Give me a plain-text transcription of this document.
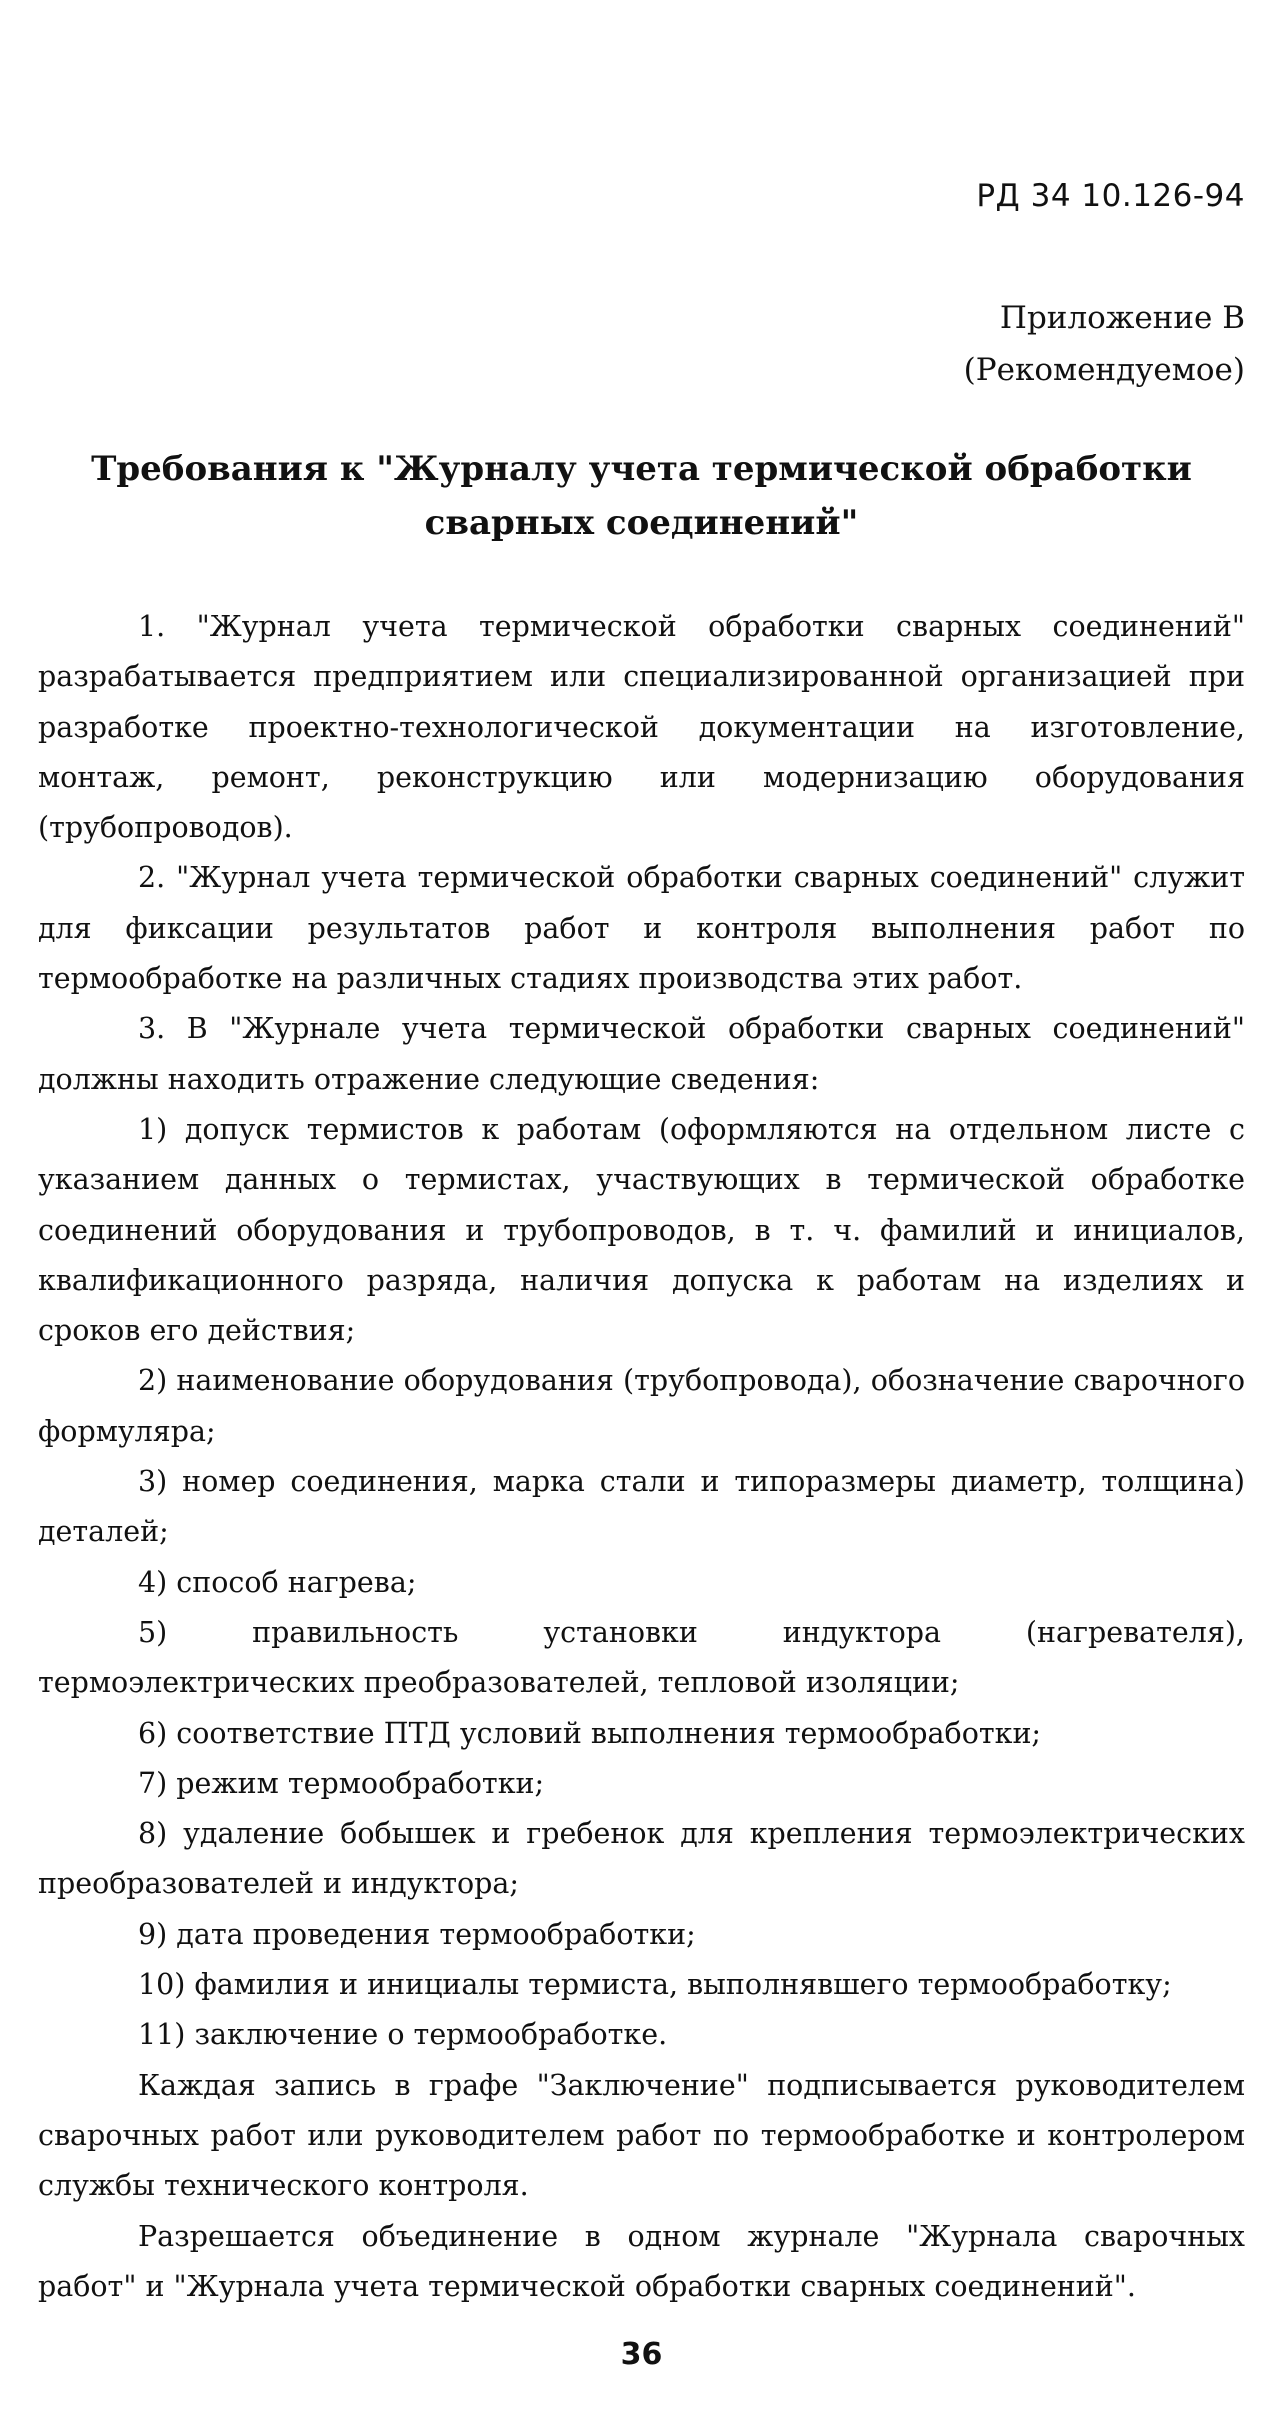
РД 34 10.126-94
Приложение В
(Рекомендуемое)
Требования к "Журналу учета термической обработки
сварных соединений"

1. "Журнал учета термической обработки сварных соединений" разрабатывается предприятием или специализированной организацией при разработке проектно-технологической документации на изготовление, монтаж, ремонт, реконструкцию или модернизацию оборудования (трубопроводов).

2. "Журнал учета термической обработки сварных соединений" служит для фиксации результатов работ и контроля выполнения работ по термообработке на различных стадиях производства этих работ.

3. В "Журнале учета термической обработки сварных соединений" должны находить отражение следующие сведения:

1) допуск термистов к работам (оформляются на отдельном листе с указанием данных о термистах, участвующих в термической обработке соединений оборудования и трубопроводов, в т. ч. фамилий и инициалов, квалификационного разряда, наличия допуска к работам на изделиях и сроков его действия;

2) наименование оборудования (трубопровода), обозначение сварочного формуляра;

3) номер соединения, марка стали и типоразмеры диаметр, толщина) деталей;

4) способ нагрева;

5) правильность установки индуктора (нагревателя), термоэлектрических преобразователей, тепловой изоляции;

6) соответствие ПТД условий выполнения термообработки;

7) режим термообработки;

8) удаление бобышек и гребенок для крепления термоэлектрических преобразователей и индуктора;

9) дата проведения термообработки;

10) фамилия и инициалы термиста, выполнявшего термообработку;

11) заключение о термообработке.

Каждая запись в графе "Заключение" подписывается руководителем сварочных работ или руководителем работ по термообработке и контролером службы технического контроля.

Разрешается объединение в одном журнале "Журнала сварочных работ" и "Журнала учета термической обработки сварных соединений".

36
